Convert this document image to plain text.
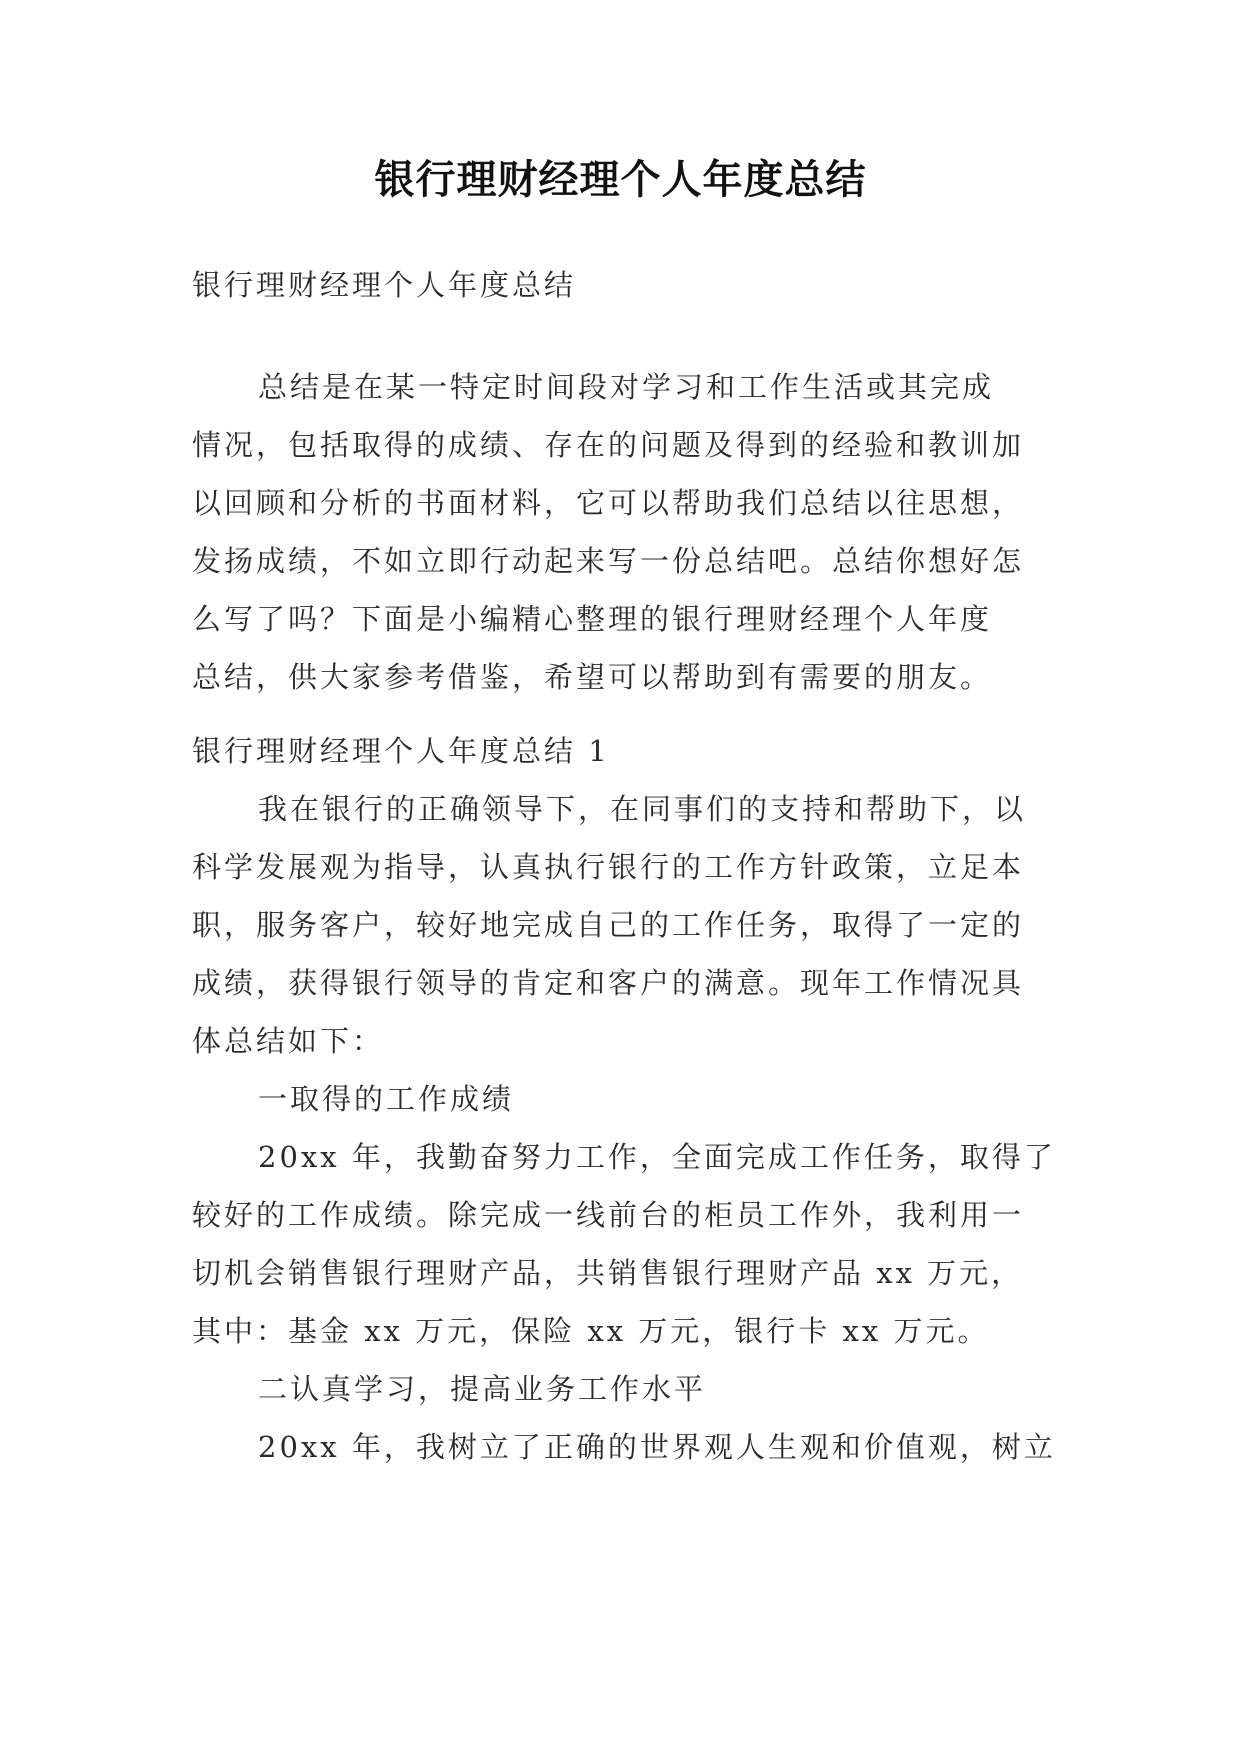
银行理财经理个人年度总结
银行理财经理个人年度总结
总结是在某一特定时间段对学习和工作生活或其完成
情况，包括取得的成绩、存在的问题及得到的经验和教训加
以回顾和分析的书面材料，它可以帮助我们总结以往思想，
发扬成绩，不如立即行动起来写一份总结吧。总结你想好怎
么写了吗？下面是小编精心整理的银行理财经理个人年度
总结，供大家参考借鉴，希望可以帮助到有需要的朋友。
银行理财经理个人年度总结 1
我在银行的正确领导下，在同事们的支持和帮助下，以
科学发展观为指导，认真执行银行的工作方针政策，立足本
职，服务客户，较好地完成自己的工作任务，取得了一定的
成绩，获得银行领导的肯定和客户的满意。现年工作情况具
体总结如下：
一取得的工作成绩
20xx 年，我勤奋努力工作，全面完成工作任务，取得了
较好的工作成绩。除完成一线前台的柜员工作外，我利用一
切机会销售银行理财产品，共销售银行理财产品 xx 万元，
其中：基金 xx 万元，保险 xx 万元，银行卡 xx 万元。
二认真学习，提高业务工作水平
20xx 年，我树立了正确的世界观人生观和价值观，树立
